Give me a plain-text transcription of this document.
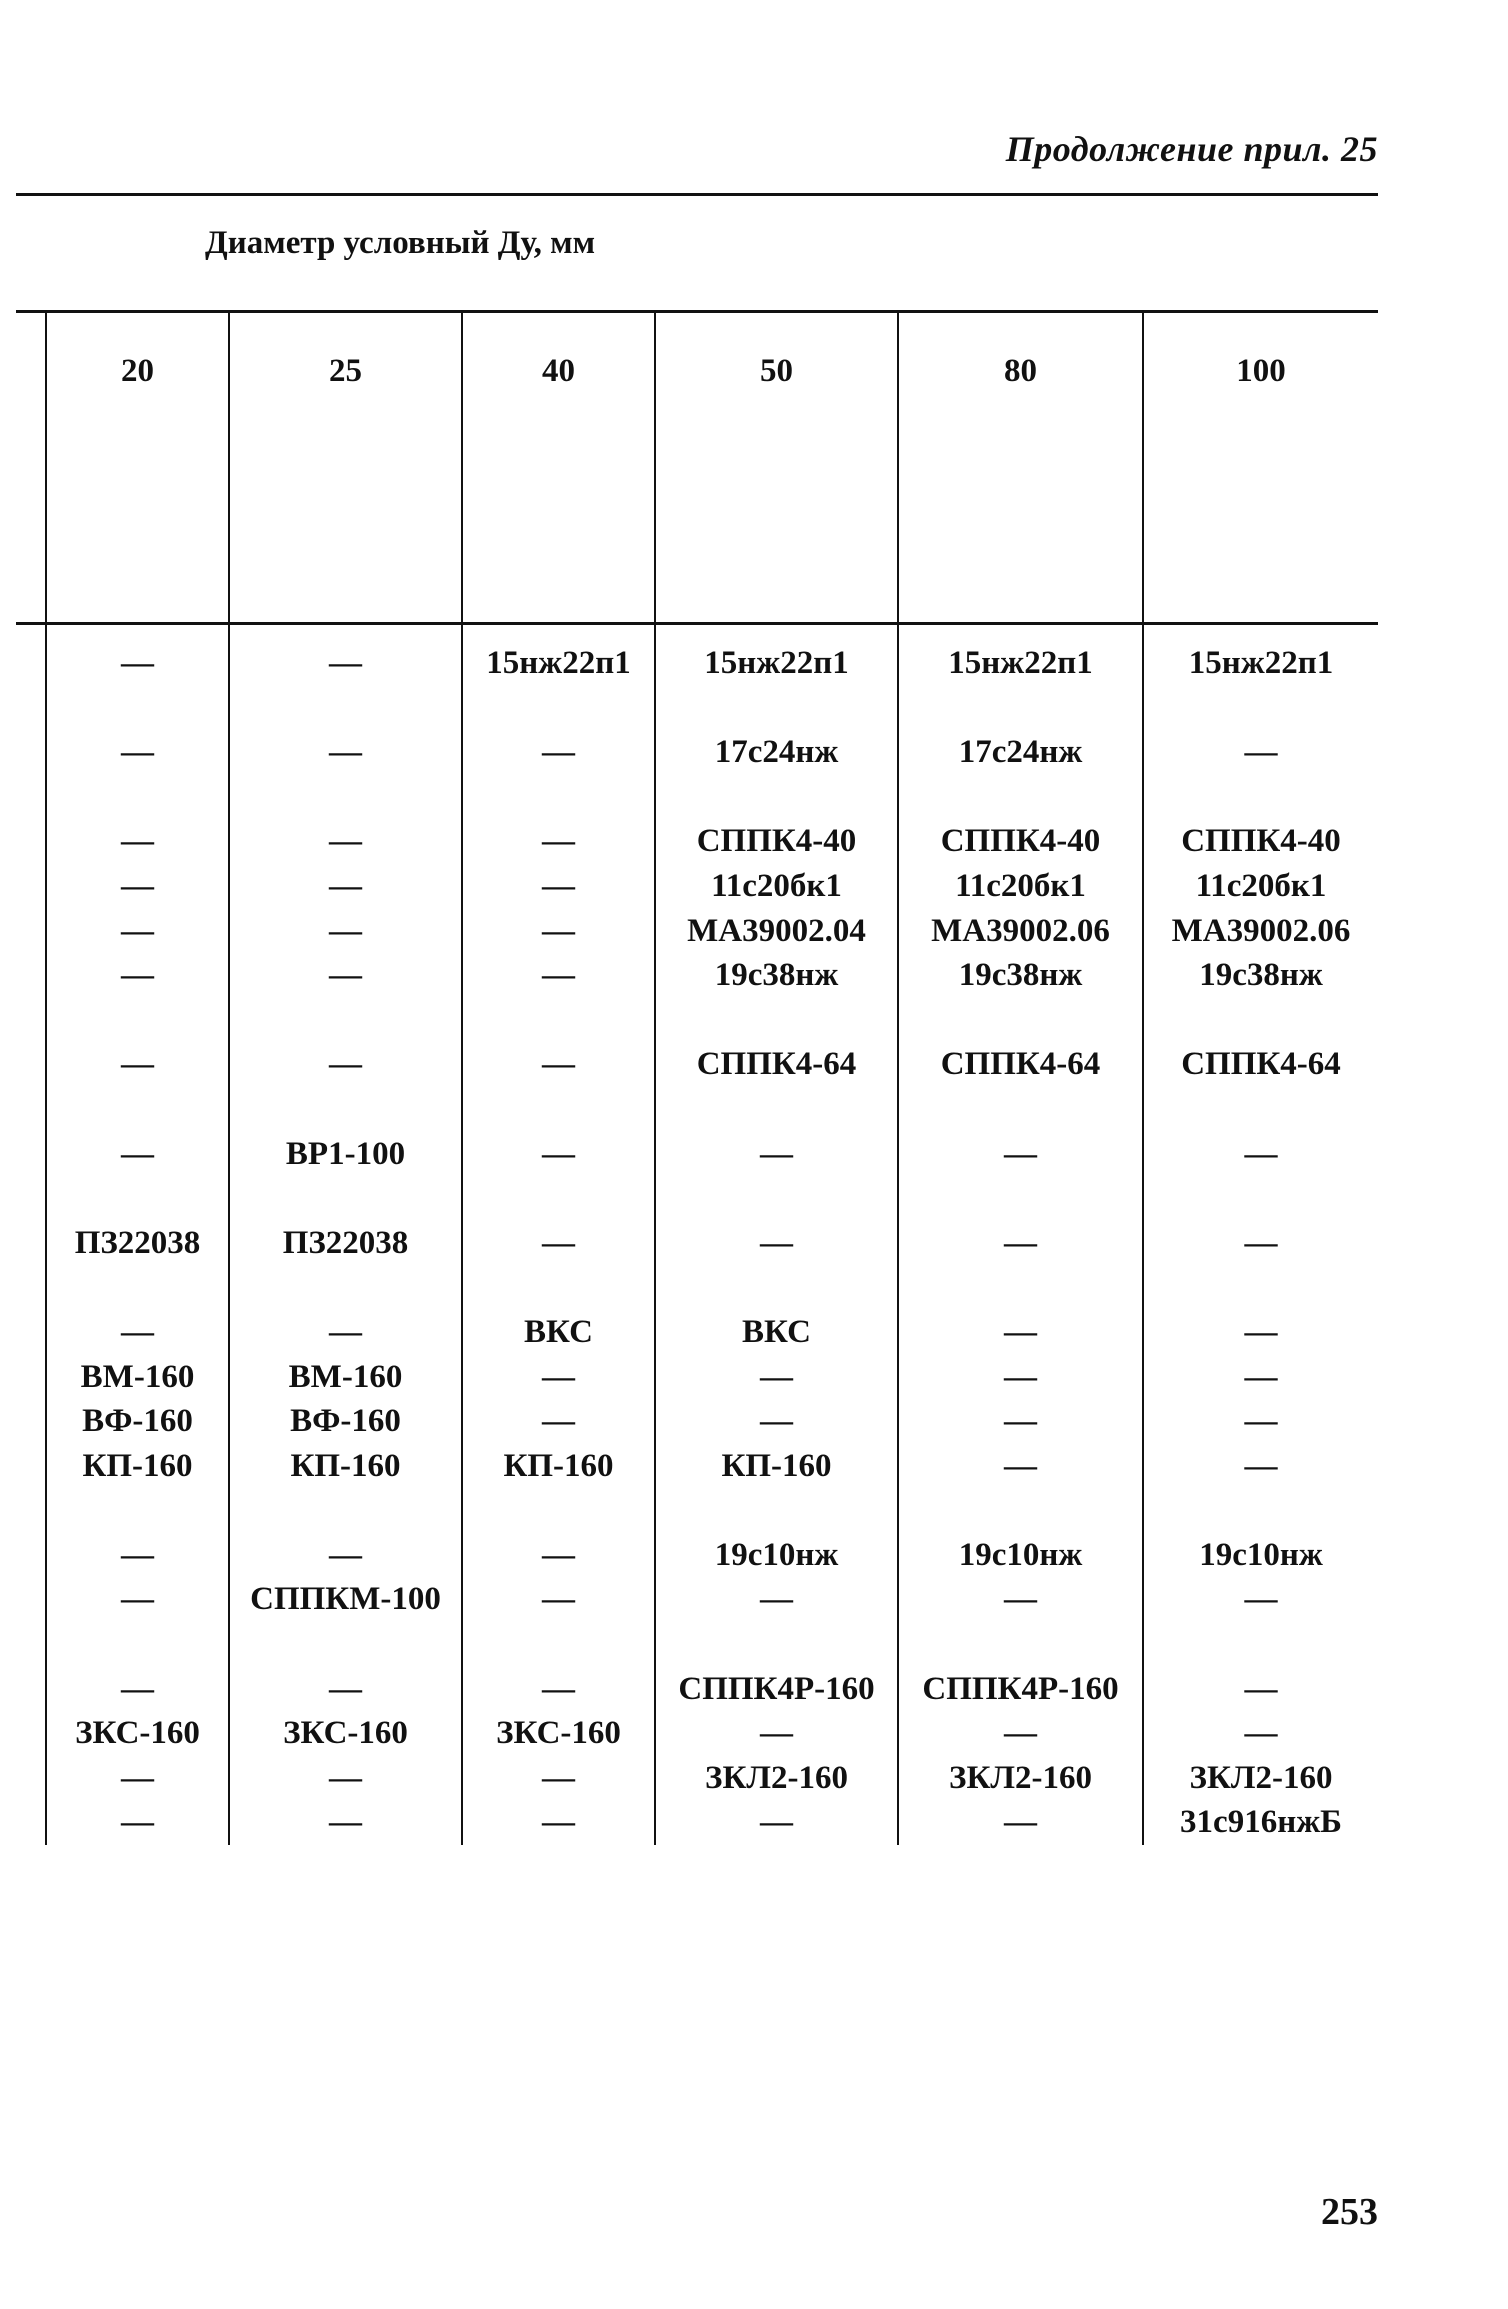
Продолжение прил. 25
Диаметр условный Ду, мм
	20	25	40	50	80	100
	—	—	15нж22п1	15нж22п1	15нж22п1	15нж22п1

	—	—	—	17с24нж	17с24нж	—

	—	—	—	СППК4-40	СППК4-40	СППК4-40
	—	—	—	11с20бк1	11с20бк1	11с20бк1
	—	—	—	МА39002.04	МА39002.06	МА39002.06
	—	—	—	19с38нж	19с38нж	19с38нж

	—	—	—	СППК4-64	СППК4-64	СППК4-64

	—	ВР1-100	—	—	—	—

	ПЗ22038	ПЗ22038	—	—	—	—

	—	—	ВКС	ВКС	—	—
	ВМ-160	ВМ-160	—	—	—	—
	ВФ-160	ВФ-160	—	—	—	—
	КП-160	КП-160	КП-160	КП-160	—	—

	—	—	—	19с10нж	19с10нж	19с10нж
	—	СППКМ-100	—	—	—	—

	—	—	—	СППК4Р-160	СППК4Р-160	—
	ЗКС-160	ЗКС-160	ЗКС-160	—	—	—
	—	—	—	ЗКЛ2-160	ЗКЛ2-160	ЗКЛ2-160
	—	—	—	—	—	31с916нжБ
253
